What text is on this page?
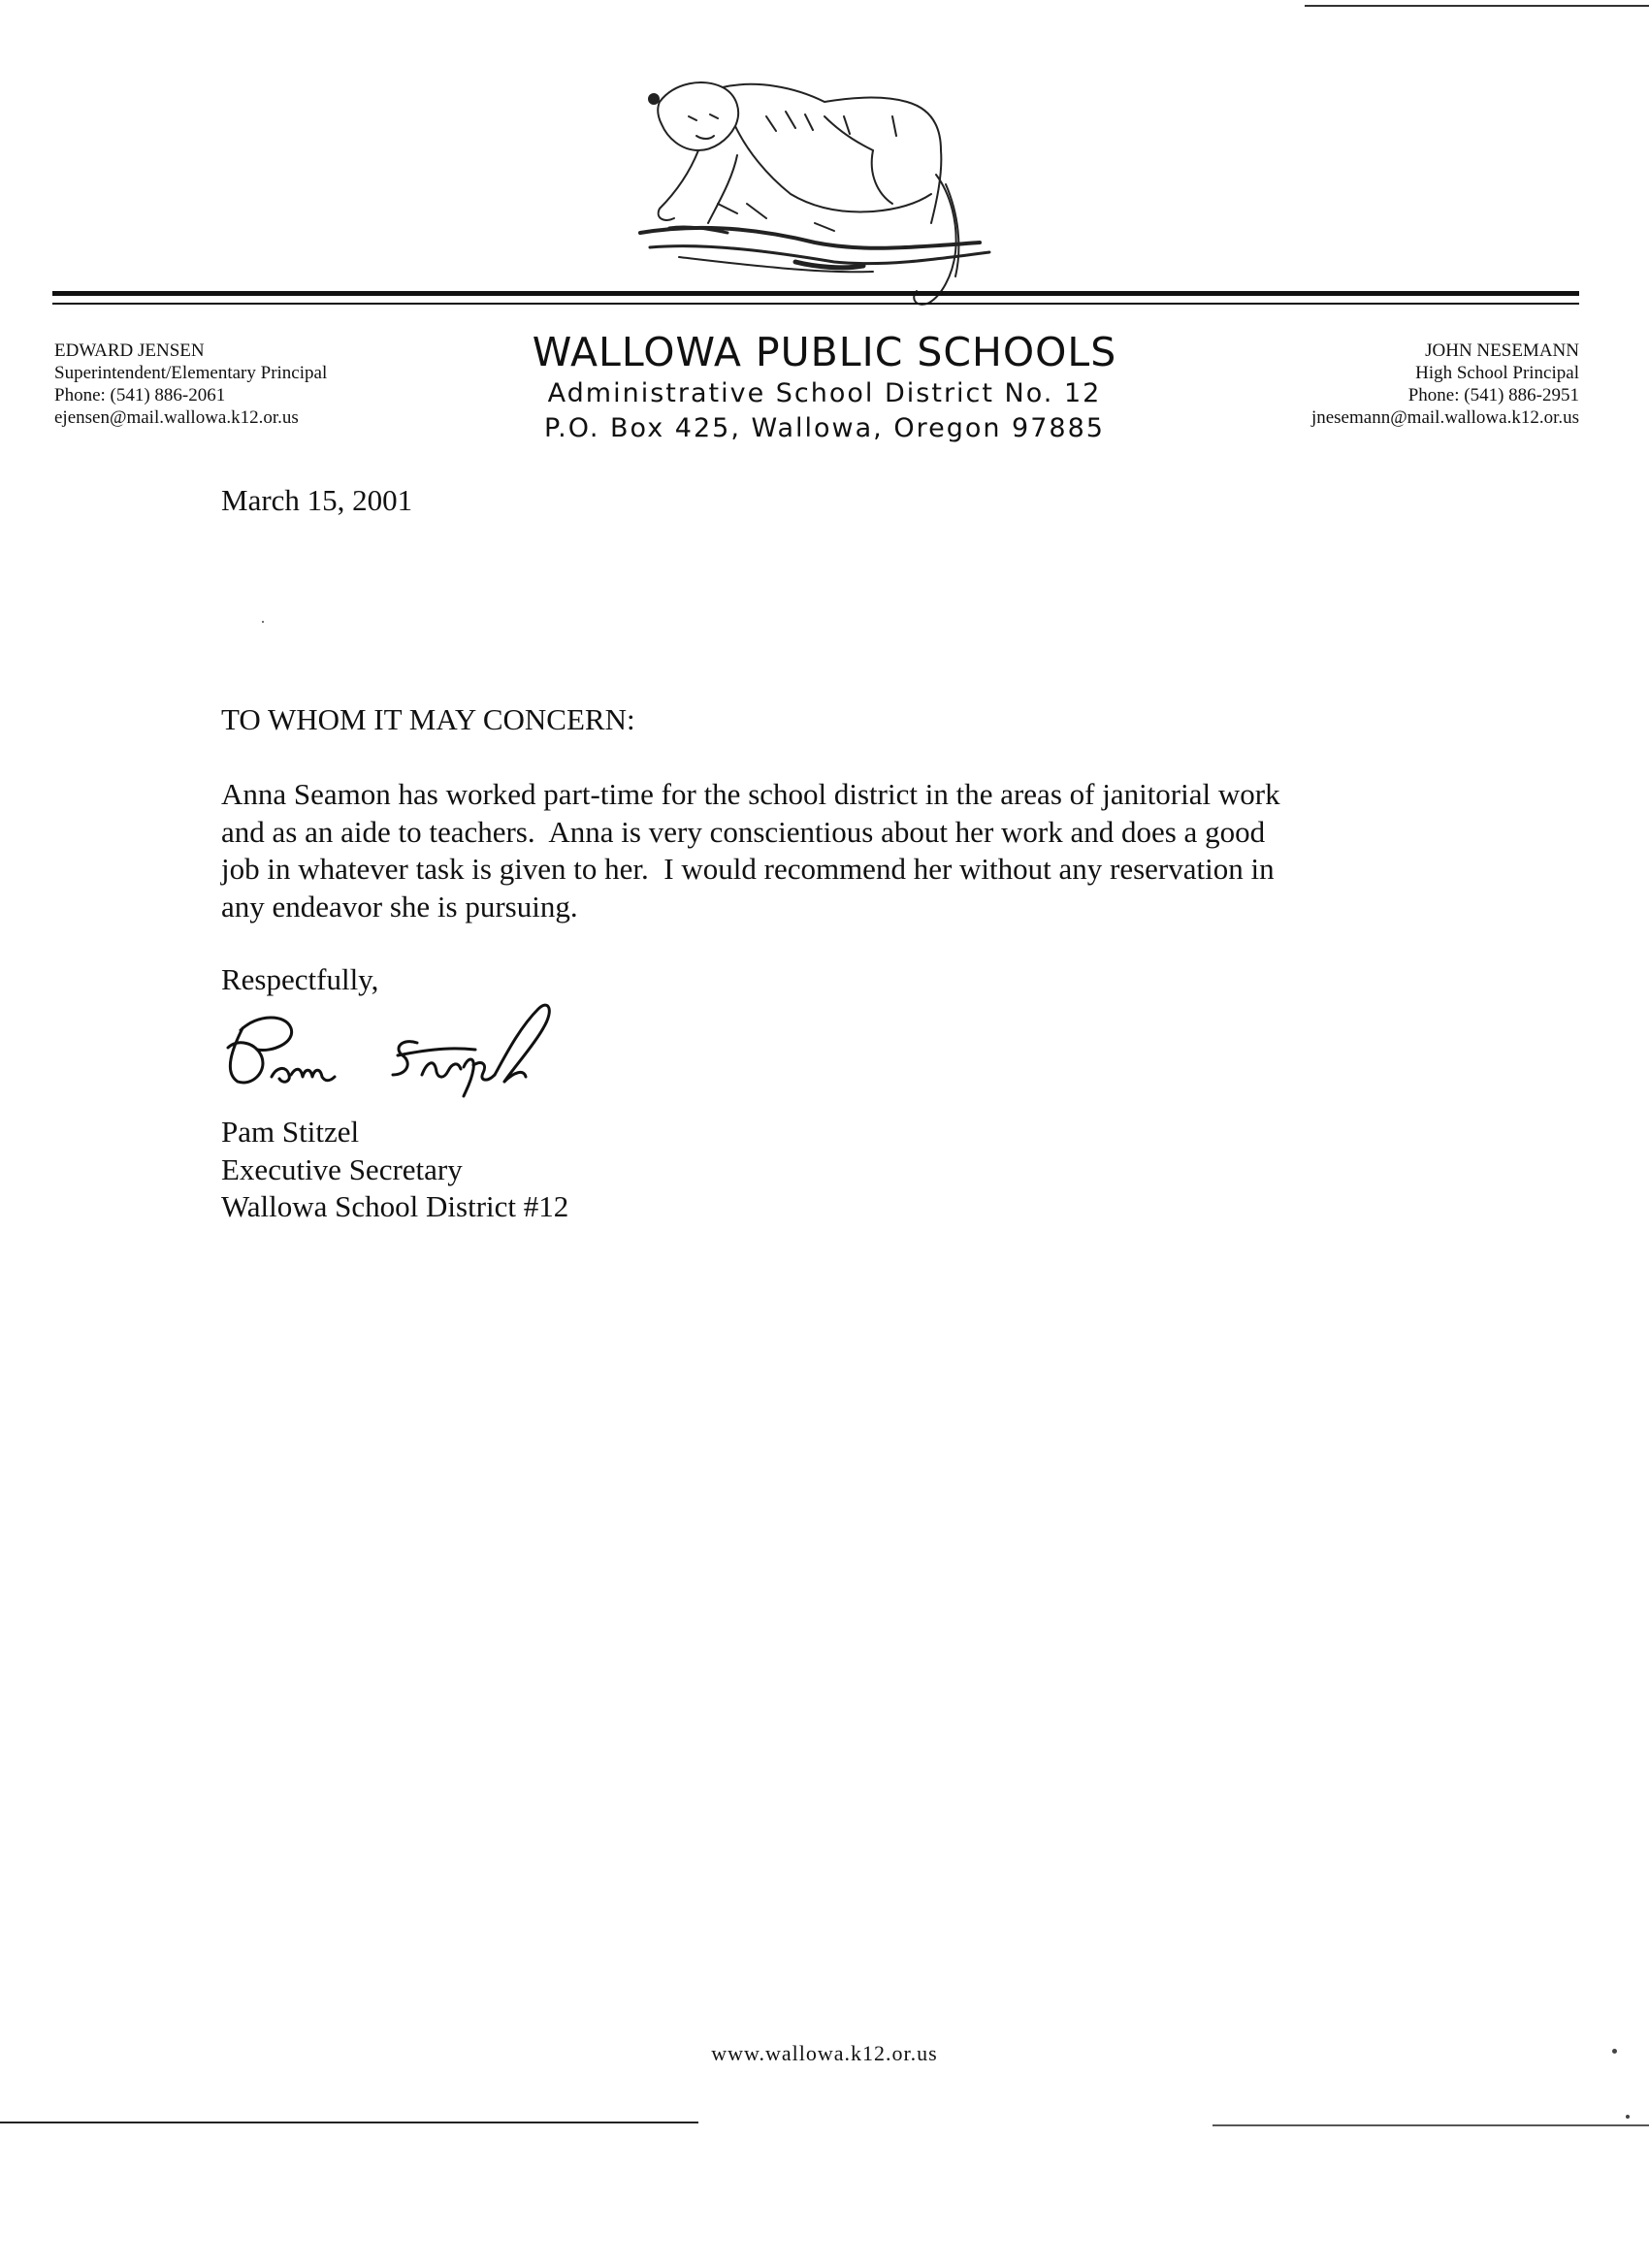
EDWARD JENSEN
Superintendent/Elementary Principal
Phone: (541) 886-2061
ejensen@mail.wallowa.k12.or.us
WALLOWA PUBLIC SCHOOLS
Administrative School District No. 12
P.O. Box 425, Wallowa, Oregon 97885
JOHN NESEMANN
High School Principal
Phone: (541) 886-2951
jnesemann@mail.wallowa.k12.or.us
March 15, 2001
TO WHOM IT MAY CONCERN:
Anna Seamon has worked part-time for the school district in the areas of janitorial work
and as an aide to teachers.  Anna is very conscientious about her work and does a good
job in whatever task is given to her.  I would recommend her without any reservation in
any endeavor she is pursuing.
Respectfully,
Pam Stitzel
Executive Secretary
Wallowa School District #12
www.wallowa.k12.or.us
